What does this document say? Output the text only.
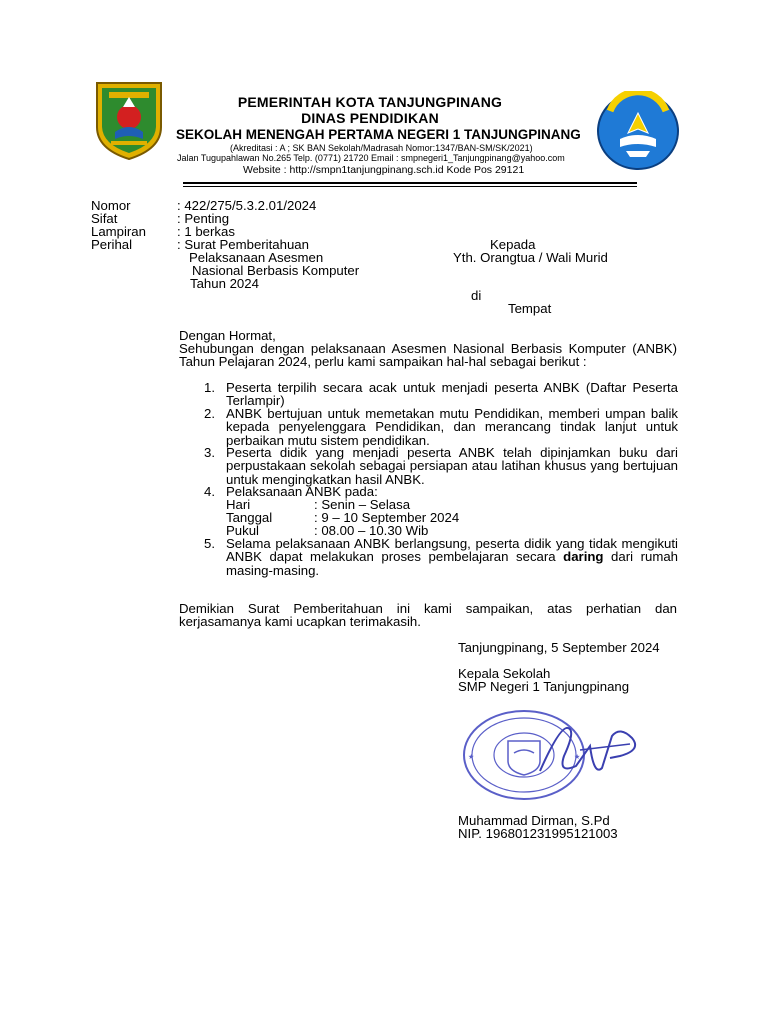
PEMERINTAH KOTA TANJUNGPINANG
DINAS PENDIDIKAN
SEKOLAH MENENGAH PERTAMA NEGERI 1 TANJUNGPINANG
(Akreditasi : A ; SK BAN Sekolah/Madrasah Nomor:1347/BAN-SM/SK/2021)
Jalan Tugupahlawan No.265 Telp. (0771) 21720 Email : smpnegeri1_Tanjungpinang@yahoo.com
Website : http://smpn1tanjungpinang.sch.id Kode Pos 29121
Nomor	: 422/275/5.3.2.01/2024
Sifat	: Penting
Lampiran : 1 berkas
Perihal	: Surat Pemberitahuan
Pelaksanaan Asesmen
Nasional Berbasis Komputer
Tahun 2024
Kepada
Yth. Orangtua / Wali Murid
di
Tempat
Dengan Hormat,
Sehubungan dengan pelaksanaan Asesmen Nasional Berbasis Komputer (ANBK) Tahun Pelajaran 2024, perlu kami sampaikan hal-hal sebagai berikut :
1. Peserta terpilih secara acak untuk menjadi peserta ANBK (Daftar Peserta Terlampir)
2. ANBK bertujuan untuk memetakan mutu Pendidikan, memberi umpan balik kepada penyelenggara Pendidikan, dan merancang tindak lanjut untuk perbaikan mutu sistem pendidikan.
3. Peserta didik yang menjadi peserta ANBK telah dipinjamkan buku dari perpustakaan sekolah sebagai persiapan atau latihan khusus yang bertujuan untuk mengingkatkan hasil ANBK.
4. Pelaksanaan ANBK pada:
Hari	: Senin – Selasa
Tanggal	: 9 – 10 September 2024
Pukul	: 08.00 – 10.30 Wib
5. Selama pelaksanaan ANBK berlangsung, peserta didik yang tidak mengikuti ANBK dapat melakukan proses pembelajaran secara daring dari rumah masing-masing.
Demikian Surat Pemberitahuan ini kami sampaikan, atas perhatian dan kerjasamanya kami ucapkan terimakasih.
Tanjungpinang, 5 September 2024
Kepala Sekolah
SMP Negeri 1 Tanjungpinang
★	★
Muhammad Dirman, S.Pd
NIP. 196801231995121003
